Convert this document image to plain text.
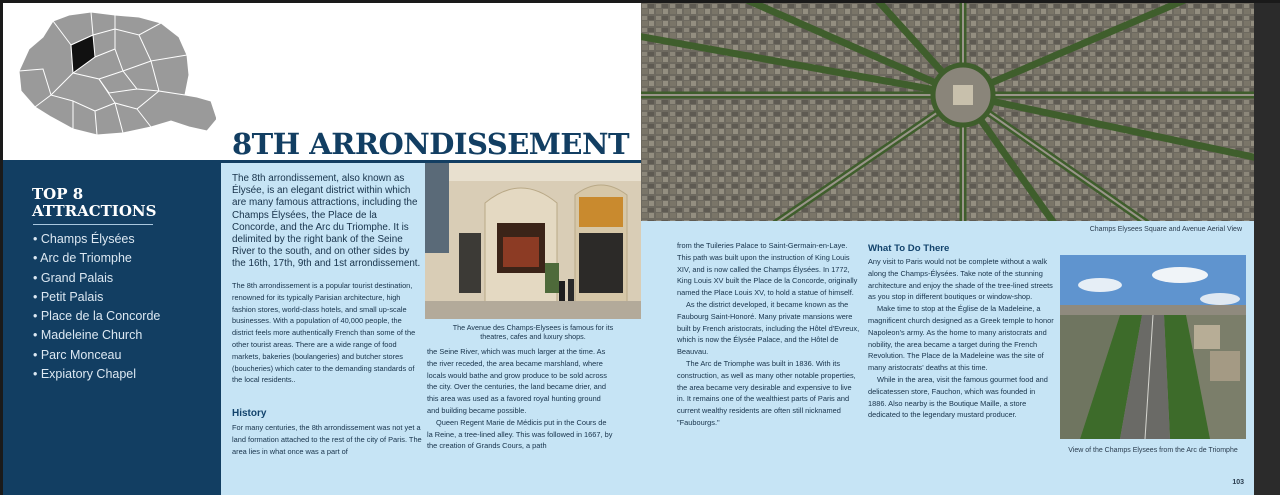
8TH ARRONDISSEMENT
TOP 8
ATTRACTIONS
• Champs Élysées
• Arc de Triomphe
• Grand Palais
• Petit Palais
• Place de la Concorde
• Madeleine Church
• Parc Monceau
• Expiatory Chapel

The 8th arrondissement, also known as Élysée, is an elegant district within which are many famous attractions, including the Champs Élysées, the Place de la Concorde, and the Arc du Triomphe. It is delimited by the right bank of the Seine River to the south, and on other sides by the 16th, 17th, 9th and 1st arrondissement.

The 8th arrondissement is a popular tourist destination, renowned for its typically Parisian architecture, high fashion stores, world-class hotels, and small up-scale businesses. With a population of 40,000 people, the district feels more authentically French than some of the other tourist areas. There are a wide range of food markets, bakeries (boulangeries) and butcher stores (boucheries) which cater to the demanding standards of the local residents..

History

For many centuries, the 8th arrondissement was not yet a land formation attached to the rest of the city of Paris. The area lies in what once was a part of

the Seine River, which was much larger at the time. As the river receded, the area became marshland, where locals would bathe and grow produce to be sold across the city. Over the centuries, the land became drier, and this area was used as a favored royal hunting ground and building became possible.

Queen Regent Marie de Médicis put in the Cours de la Reine, a tree-lined alley. This was followed in 1667, by the creation of Grands Cours, a path

The Avenue des Champs-Elysees is famous for its theatres, cafes and luxury shops.

Champs Elysees Square and Avenue Aerial View

from the Tuileries Palace to Saint-Germain-en-Laye. This path was built upon the instruction of King Louis XIV, and is now called the Champs Élysées. In 1772, King Louis XV built the Place de la Concorde, originally named the Place Louis XV, to hold a statue of himself.

As the district developed, it became known as the Faubourg Saint-Honoré. Many private mansions were built by French aristocrats, including the Hôtel d'Evreux, which is now the Élysée Palace, and the Hôtel de Beauvau.

The Arc de Triomphe was built in 1836. With its construction, as well as many other notable properties, the area became very desirable and expensive to live in. It remains one of the wealthiest parts of Paris and current wealthy residents are often still nicknamed "Faubourgs."

What To Do There

Any visit to Paris would not be complete without a walk along the Champs-Élysées. Take note of the stunning architecture and enjoy the shade of the tree-lined streets as you stop in different boutiques or window-shop.

Make time to stop at the Église de la Madeleine, a magnificent church designed as a Greek temple to honor Napoleon's army. As the home to many aristocrats and nobility, the area became a target during the French Revolution. The Place de la Madeleine was the site of many aristocrats' deaths at this time.

While in the area, visit the famous gourmet food and delicatessen store, Fauchon, which was founded in 1886. Also nearby is the Boutique Maille, a store dedicated to the legendary mustard producer.

View of the Champs Elysees from the Arc de Triomphe

103
